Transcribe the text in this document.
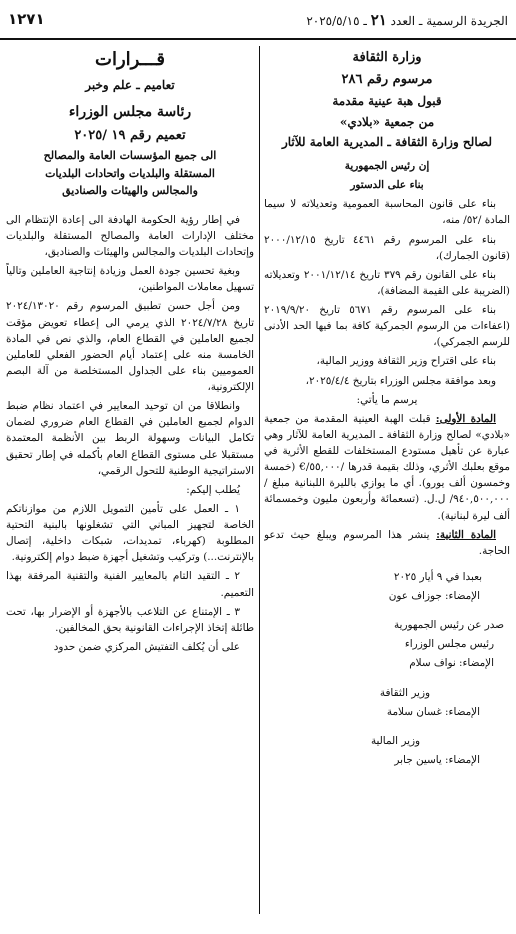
١٢٧١	الجريدة الرسمية ـ العدد ٢١ ـ ٢٠٢٥/٥/١٥
وزارة الثقافة
مرسوم رقم ٢٨٦
قبول هبة عينية مقدمة
من جمعية «بلادي»
لصالح وزارة الثقافة ـ المديرية العامة للآثار

إن رئيس الجمهورية

بناء على الدستور

بناء على قانون المحاسبة العمومية وتعديلاته لا سيما المادة /٥٢/ منه،

بناء على المرسوم رقم ٤٤٦١ تاريخ ٢٠٠٠/١٢/١٥ (قانون الجمارك)،

بناء على القانون رقم ٣٧٩ تاريخ ٢٠٠١/١٢/١٤ وتعديلاته (الضريبة على القيمة المضافة)،

بناء على المرسوم رقم ٥٦٧١ تاريخ ٢٠١٩/٩/٢٠ (اعفاءات من الرسوم الجمركية كافة بما فيها الحد الأدنى للرسم الجمركي)،

بناء على اقتراح وزير الثقافة ووزير المالية،

وبعد موافقة مجلس الوزراء بتاريخ ٢٠٢٥/٤/٤،

يرسم ما يأتي:

المادة الأولى: قبلت الهبة العينية المقدمة من جمعية «بلادي» لصالح وزارة الثقافة ـ المديرية العامة للآثار وهي عبارة عن تأهيل مستودع المستخلفات للقطع الأثرية في موقع بعلبك الأثري، وذلك بقيمة قدرها /٥٥,٠٠٠/€ (خمسة وخمسون ألف يورو). أي ما يوازي بالليرة اللبنانية مبلغ /٩٤٠,٥٠٠,٠٠٠/ ل.ل. (تسعمائة وأربعون مليون وخمسمائة ألف ليرة لبنانية).

المادة الثانية: ينشر هذا المرسوم ويبلغ حيث تدعو الحاجة.

بعبدا في ٩ أيار ٢٠٢٥

الإمضاء: جوزاف عون

صدر عن رئيس الجمهورية

رئيس مجلس الوزراء

الإمضاء: نواف سلام

وزير الثقافة

الإمضاء: غسان سلامة

وزير المالية

الإمضاء: ياسين جابر

قـــرارات
تعاميم ـ علم وخبر
رئاسة مجلس الوزراء
تعميم رقم ١٩ /٢٠٢٥
الى جميع المؤسسات العامة والمصالح
المستقلة والبلديات واتحادات البلديات
والمجالس والهيئات والصناديق

في إطار رؤية الحكومة الهادفة الى إعادة الإنتظام الى مختلف الإدارات العامة والمصالح المستقلة والبلديات وإتحادات البلديات والمجالس والهيئات والصناديق،

وبغية تحسين جودة العمل وزيادة إنتاجية العاملين وتالياً تسهيل معاملات المواطنين،

ومن أجل حسن تطبيق المرسوم رقم ٢٠٢٤/١٣٠٢٠ تاريخ ٢٠٢٤/٧/٢٨ الذي يرمي الى إعطاء تعويض مؤقت لجميع العاملين في القطاع العام، والذي نص في المادة الخامسة منه على إعتماد أيام الحضور الفعلي للعاملين العموميين بناء على الجداول المستخلصة من آلة البصم الإلكترونية،

وانطلاقا من ان توحيد المعايير في اعتماد نظام ضبط الدوام لجميع العاملين في القطاع العام ضروري لضمان تكامل البيانات وسهولة الربط بين الأنظمة المعتمدة مستقبلا على مستوى القطاع العام بأكمله في إطار تحقيق الاستراتيجية الوطنية للتحول الرقمي،

يُطلب إليكم:

١ ـ العمل على تأمين التمويل اللازم من موازناتكم الخاصة لتجهيز المباني التي تشغلونها بالبنية التحتية المطلوبة (كهرباء، تمديدات، شبكات داخلية، إتصال بالإنترنت...) وتركيب وتشغيل أجهزة ضبط دوام إلكترونية.

٢ ـ التقيد التام بالمعايير الفنية والتقنية المرفقة بهذا التعميم.

٣ ـ الإمتناع عن التلاعب بالأجهزة أو الإضرار بها، تحت طائلة إتخاذ الإجراءات القانونية بحق المخالفين.

على أن يُكلف التفتيش المركزي ضمن حدود
